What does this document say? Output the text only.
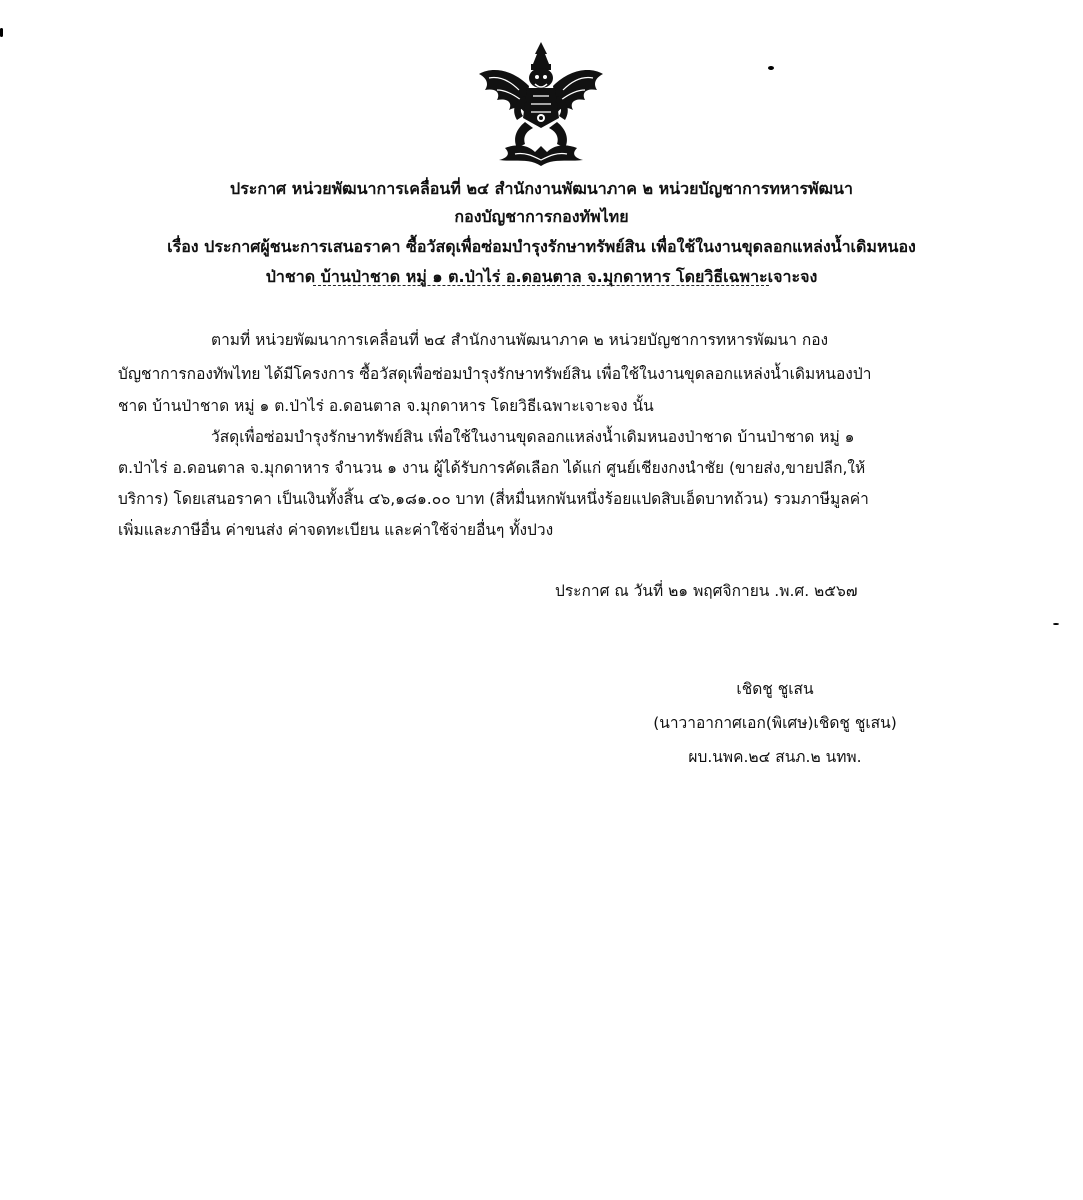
ประกาศ หน่วยพัฒนาการเคลื่อนที่ ๒๔ สำนักงานพัฒนาภาค ๒ หน่วยบัญชาการทหารพัฒนา
กองบัญชาการกองทัพไทย
เรื่อง ประกาศผู้ชนะการเสนอราคา ซื้อวัสดุเพื่อซ่อมบำรุงรักษาทรัพย์สิน เพื่อใช้ในงานขุดลอกแหล่งน้ำเดิมหนอง
ป่าชาด บ้านป่าชาด หมู่ ๑ ต.ป่าไร่ อ.ดอนตาล จ.มุกดาหาร โดยวิธีเฉพาะเจาะจง
ตามที่ หน่วยพัฒนาการเคลื่อนที่ ๒๔ สำนักงานพัฒนาภาค ๒ หน่วยบัญชาการทหารพัฒนา กอง
บัญชาการกองทัพไทย ได้มีโครงการ ซื้อวัสดุเพื่อซ่อมบำรุงรักษาทรัพย์สิน เพื่อใช้ในงานขุดลอกแหล่งน้ำเดิมหนองป่า
ชาด บ้านป่าชาด หมู่ ๑ ต.ป่าไร่ อ.ดอนตาล จ.มุกดาหาร โดยวิธีเฉพาะเจาะจง นั้น
วัสดุเพื่อซ่อมบำรุงรักษาทรัพย์สิน เพื่อใช้ในงานขุดลอกแหล่งน้ำเดิมหนองป่าชาด บ้านป่าชาด หมู่ ๑
ต.ป่าไร่ อ.ดอนตาล จ.มุกดาหาร จำนวน ๑ งาน ผู้ได้รับการคัดเลือก ได้แก่ ศูนย์เชียงกงนำชัย (ขายส่ง,ขายปลีก,ให้
บริการ) โดยเสนอราคา เป็นเงินทั้งสิ้น ๔๖,๑๘๑.๐๐ บาท (สี่หมื่นหกพันหนึ่งร้อยแปดสิบเอ็ดบาทถ้วน) รวมภาษีมูลค่า
เพิ่มและภาษีอื่น ค่าขนส่ง ค่าจดทะเบียน และค่าใช้จ่ายอื่นๆ ทั้งปวง
ประกาศ ณ วันที่ ๒๑ พฤศจิกายน .พ.ศ. ๒๕๖๗
เชิดชู ชูเสน
(นาวาอากาศเอก(พิเศษ)เชิดชู ชูเสน)
ผบ.นพค.๒๔ สนภ.๒ นทพ.
